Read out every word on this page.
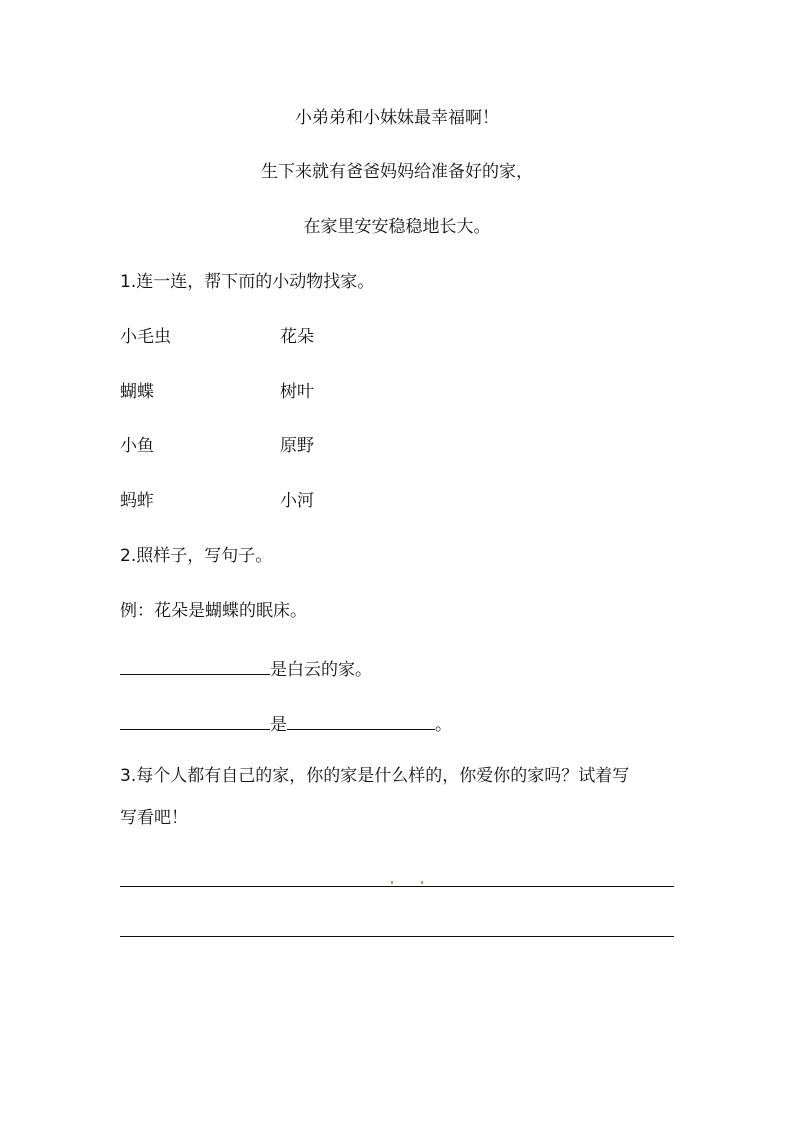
小弟弟和小妹妹最幸福啊！
生下来就有爸爸妈妈给准备好的家，
在家里安安稳稳地长大。
1.连一连，帮下而的小动物找家。
小毛虫	花朵
蝴蝶	树叶
小鱼	原野
蚂蚱	小河
2.照样子，写句子。
例：花朵是蝴蝶的眠床。
是白云的家。
是	。
3.每个人都有自己的家，你的家是什么样的，你爱你的家吗？试着写
写看吧！
